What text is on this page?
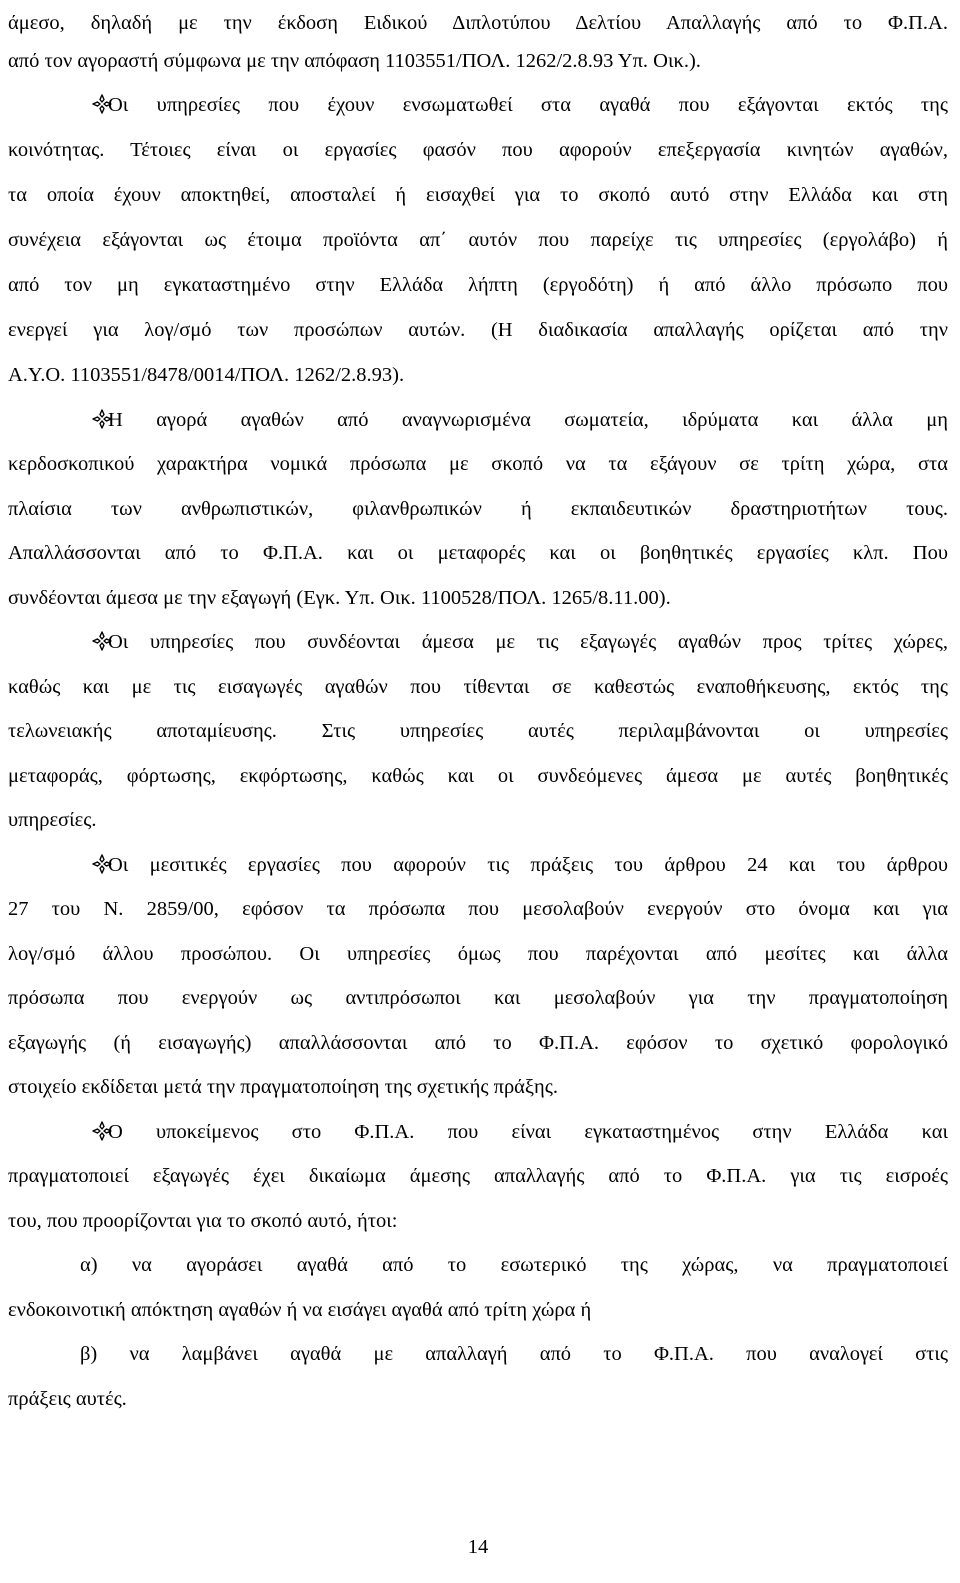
άμεσο, δηλαδή με την έκδοση Ειδικού Διπλοτύπου Δελτίου Απαλλαγής από το Φ.Π.Α.
από τον αγοραστή σύμφωνα με την απόφαση 1103551/ΠΟΛ. 1262/2.8.93 Υπ. Οικ.).
Οι υπηρεσίες που έχουν ενσωματωθεί στα αγαθά που εξάγονται εκτός της
κοινότητας. Τέτοιες είναι οι εργασίες φασόν που αφορούν επεξεργασία κινητών αγαθών,
τα οποία έχουν αποκτηθεί, αποσταλεί ή εισαχθεί για το σκοπό αυτό στην Ελλάδα και στη
συνέχεια εξάγονται ως έτοιμα προϊόντα απ΄ αυτόν που παρείχε τις υπηρεσίες (εργολάβο) ή
από τον μη εγκαταστημένο στην Ελλάδα λήπτη (εργοδότη) ή από άλλο πρόσωπο που
ενεργεί για λογ/σμό των προσώπων αυτών. (Η διαδικασία απαλλαγής ορίζεται από την
Α.Υ.Ο. 1103551/8478/0014/ΠΟΛ. 1262/2.8.93).
Η αγορά αγαθών από αναγνωρισμένα σωματεία, ιδρύματα και άλλα μη
κερδοσκοπικού χαρακτήρα νομικά πρόσωπα με σκοπό να τα εξάγουν σε τρίτη χώρα, στα
πλαίσια των ανθρωπιστικών, φιλανθρωπικών ή εκπαιδευτικών δραστηριοτήτων τους.
Απαλλάσσονται από το Φ.Π.Α. και οι μεταφορές και οι βοηθητικές εργασίες κλπ. Που
συνδέονται άμεσα με την εξαγωγή (Εγκ. Υπ. Οικ. 1100528/ΠΟΛ. 1265/8.11.00).
Οι υπηρεσίες που συνδέονται άμεσα με τις εξαγωγές αγαθών προς τρίτες χώρες,
καθώς και με τις εισαγωγές αγαθών που τίθενται σε καθεστώς εναποθήκευσης, εκτός της
τελωνειακής αποταμίευσης. Στις υπηρεσίες αυτές περιλαμβάνονται οι υπηρεσίες
μεταφοράς, φόρτωσης, εκφόρτωσης, καθώς και οι συνδεόμενες άμεσα με αυτές βοηθητικές
υπηρεσίες.
Οι μεσιτικές εργασίες που αφορούν τις πράξεις του άρθρου 24 και του άρθρου
27 του Ν. 2859/00, εφόσον τα πρόσωπα που μεσολαβούν ενεργούν στο όνομα και για
λογ/σμό άλλου προσώπου. Οι υπηρεσίες όμως που παρέχονται από μεσίτες και άλλα
πρόσωπα που ενεργούν ως αντιπρόσωποι και μεσολαβούν για την πραγματοποίηση
εξαγωγής (ή εισαγωγής) απαλλάσσονται από το Φ.Π.Α. εφόσον το σχετικό φορολογικό
στοιχείο εκδίδεται μετά την πραγματοποίηση της σχετικής πράξης.
Ο υποκείμενος στο Φ.Π.Α. που είναι εγκαταστημένος στην Ελλάδα και
πραγματοποιεί εξαγωγές έχει δικαίωμα άμεσης απαλλαγής από το Φ.Π.Α. για τις εισροές
του, που προορίζονται για το σκοπό αυτό, ήτοι:
α) να αγοράσει αγαθά από το εσωτερικό της χώρας, να πραγματοποιεί
ενδοκοινοτική απόκτηση αγαθών ή να εισάγει αγαθά από τρίτη χώρα ή
β) να λαμβάνει αγαθά με απαλλαγή από το Φ.Π.Α. που αναλογεί στις
πράξεις αυτές.
14
